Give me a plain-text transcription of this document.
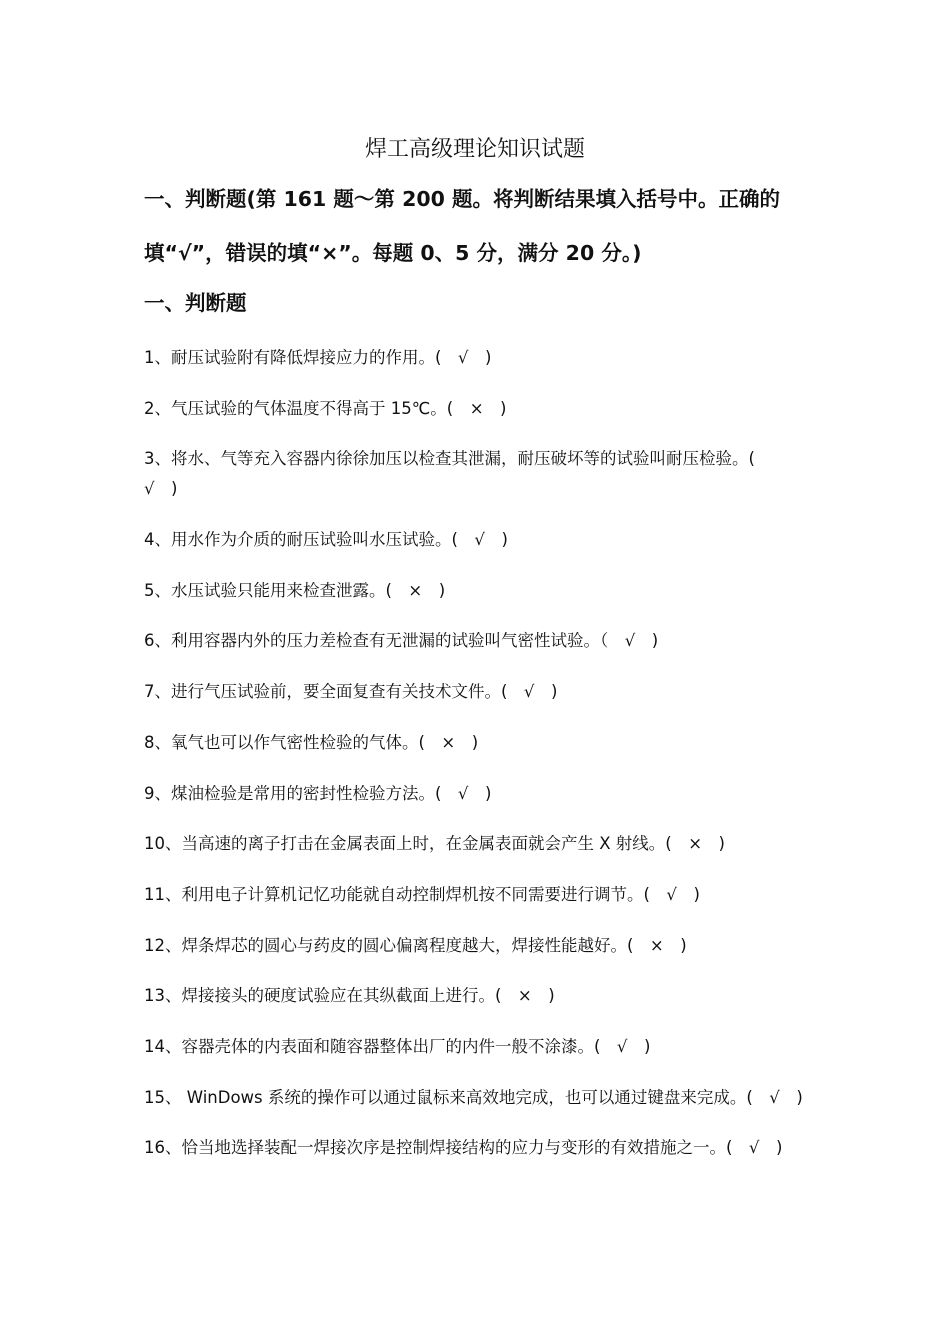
焊工高级理论知识试题
一、判断题(第 161 题～第 200 题。将判断结果填入括号中。正确的填“√”，错误的填“×”。每题 0、5 分，满分 20 分。)
一、判断题
1、耐压试验附有降低焊接应力的作用。(　√　)
2、气压试验的气体温度不得高于 15℃。(　×　)
3、将水、气等充入容器内徐徐加压以检查其泄漏，耐压破坏等的试验叫耐压检验。(　√　)
4、用水作为介质的耐压试验叫水压试验。(　√　)
5、水压试验只能用来检查泄露。(　×　)
6、利用容器内外的压力差检查有无泄漏的试验叫气密性试验。（　√　)
7、进行气压试验前，要全面复查有关技术文件。(　√　)
8、氧气也可以作气密性检验的气体。(　×　)
9、煤油检验是常用的密封性检验方法。(　√　)
10、当高速的离子打击在金属表面上时，在金属表面就会产生 X 射线。(　×　)
11、利用电子计算机记忆功能就自动控制焊机按不同需要进行调节。(　√　)
12、焊条焊芯的圆心与药皮的圆心偏离程度越大，焊接性能越好。(　×　)
13、焊接接头的硬度试验应在其纵截面上进行。(　×　)
14、容器壳体的内表面和随容器整体出厂的内件一般不涂漆。(　√　)
15、 WinDows 系统的操作可以通过鼠标来高效地完成，也可以通过键盘来完成。(　√　)
16、恰当地选择装配一焊接次序是控制焊接结构的应力与变形的有效措施之一。(　√　)
